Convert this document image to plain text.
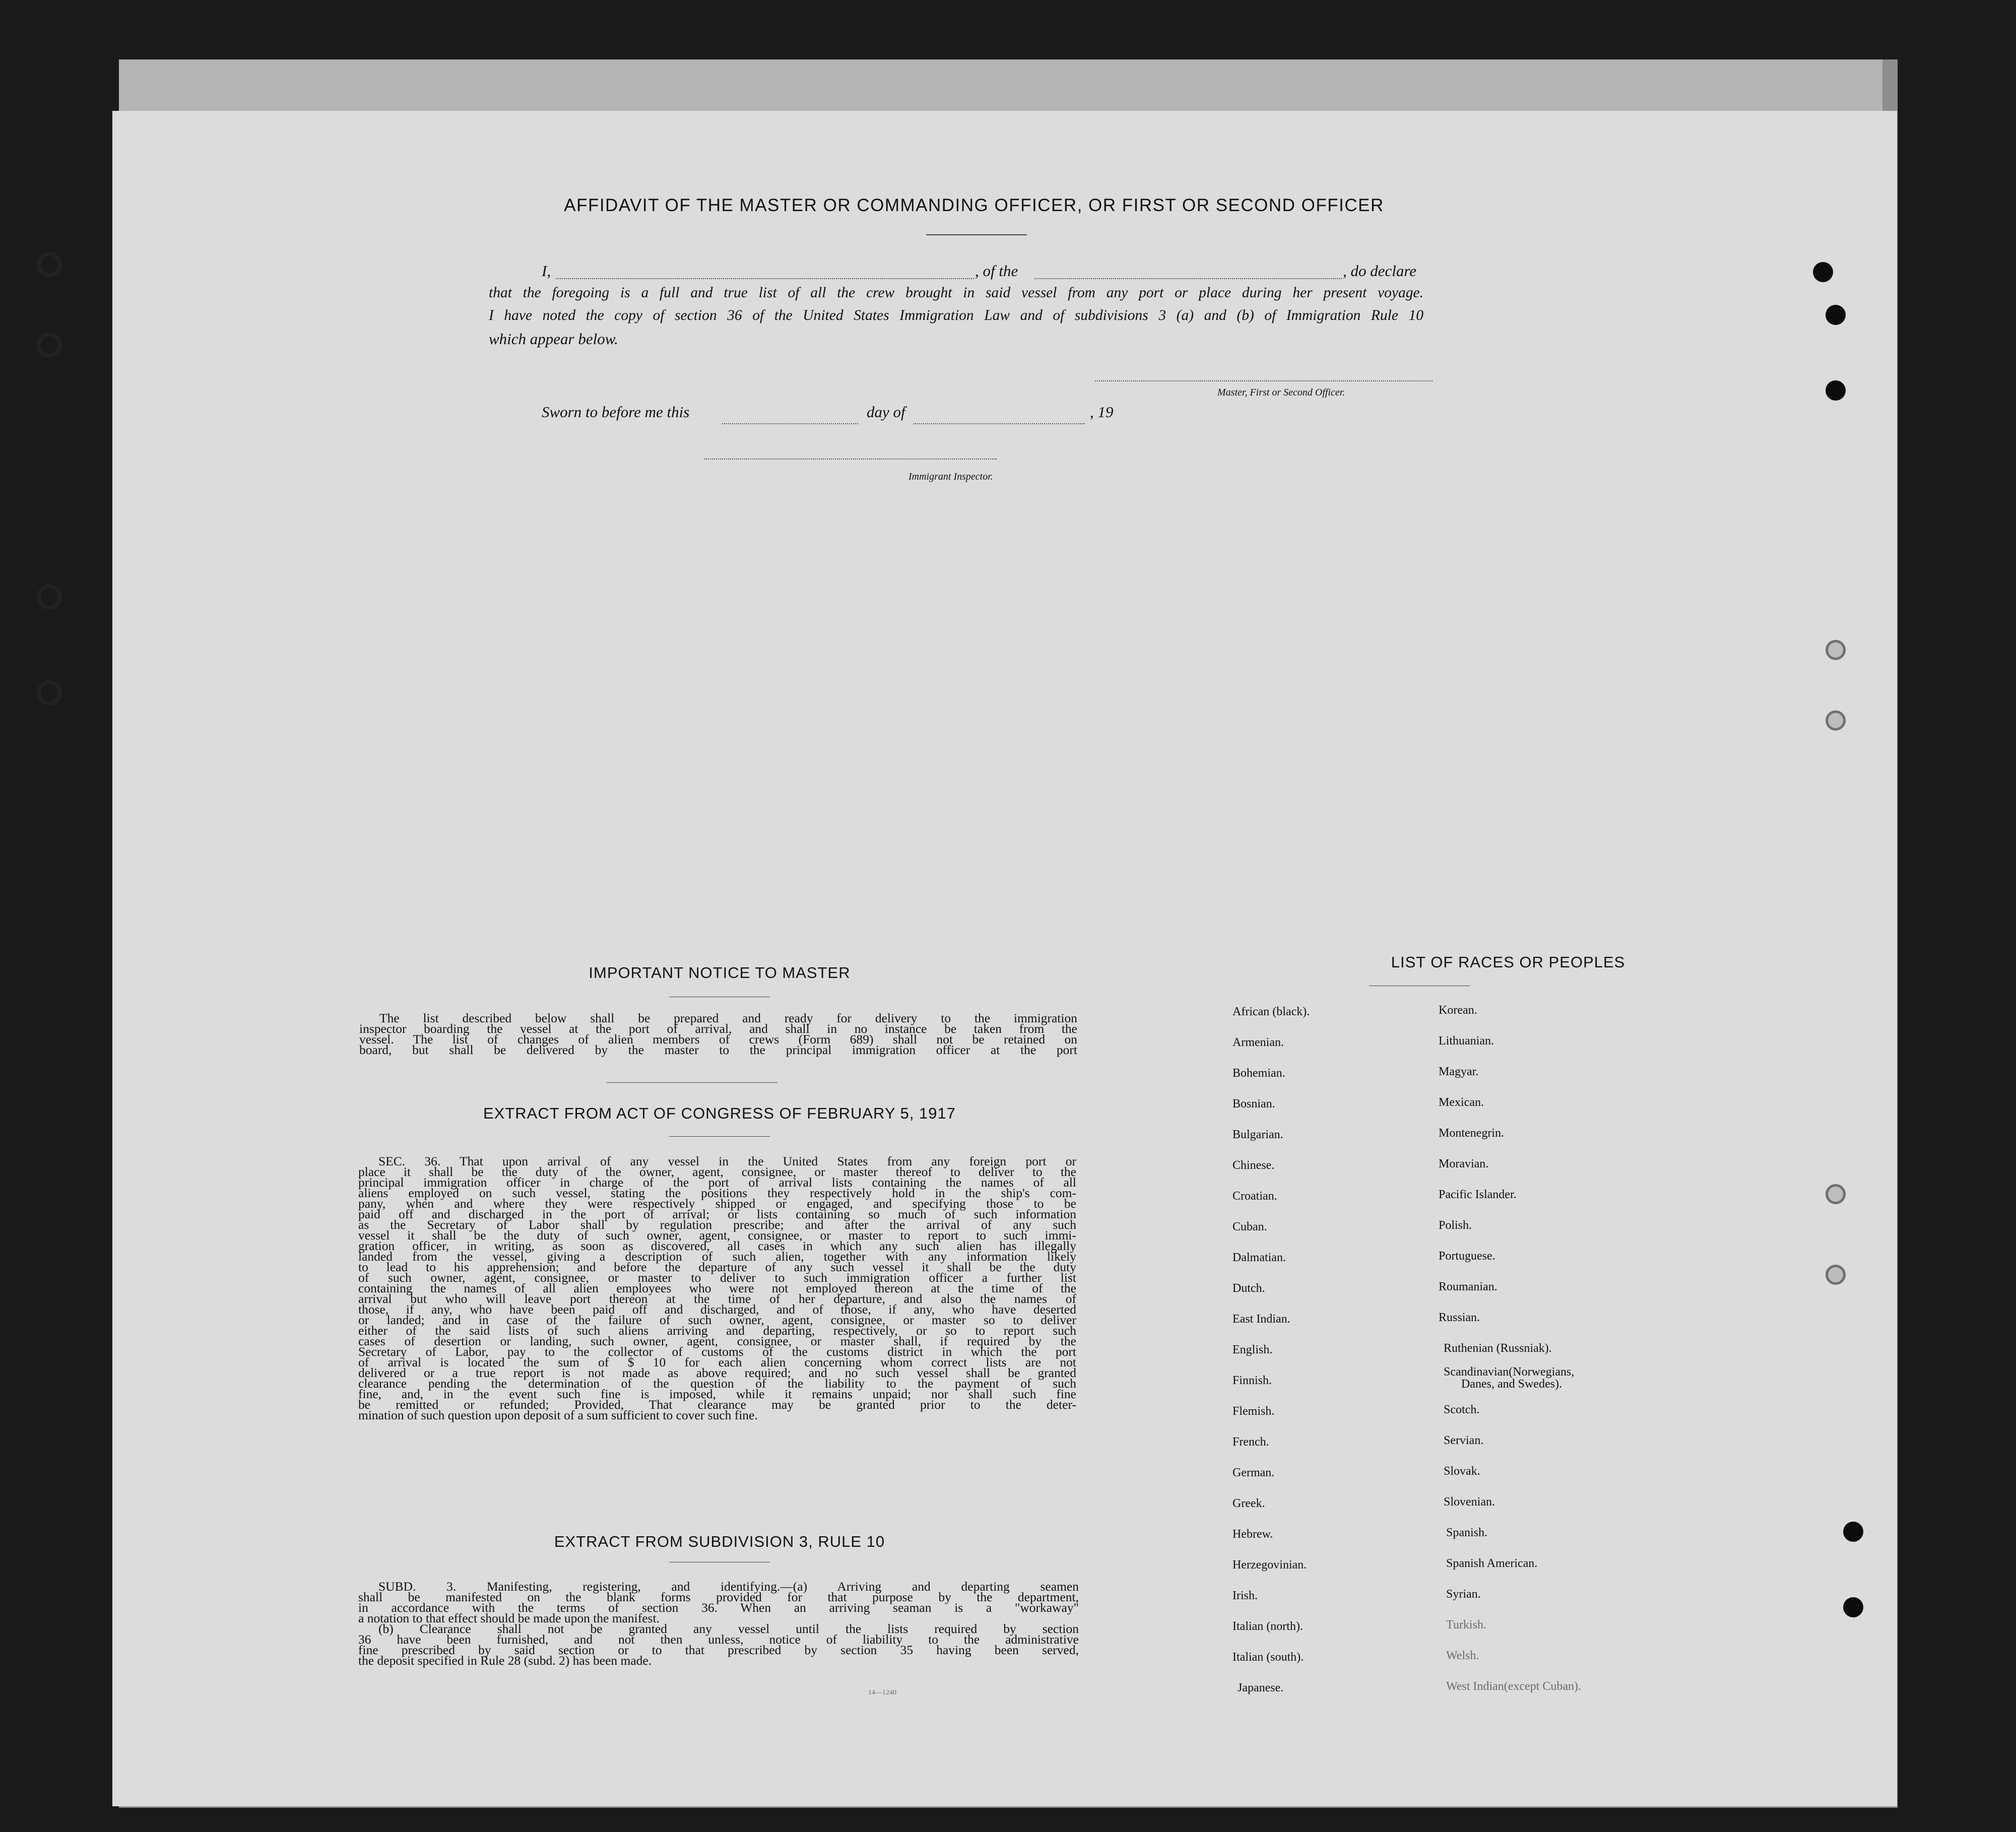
AFFIDAVIT OF THE MASTER OR COMMANDING OFFICER, OR FIRST OR SECOND OFFICER
I,	, of the	, do declare
that the foregoing is a full and true list of all the crew brought in said vessel from any port or place during her present voyage.
I have noted the copy of section 36 of the United States Immigration Law and of subdivisions 3 (a) and (b) of Immigration Rule 10
which appear below.
Master, First or Second Officer.
Sworn to before me this	day of	, 19
Immigrant Inspector.
IMPORTANT NOTICE TO MASTER
The list described below shall be prepared and ready for delivery to the immigration
inspector boarding the vessel at the port of arrival, and shall in no instance be taken from the
vessel. The list of changes of alien members of crews (Form 689) shall not be retained on
board, but shall be delivered by the master to the principal immigration officer at the port
EXTRACT FROM ACT OF CONGRESS OF FEBRUARY 5, 1917
SEC. 36. That upon arrival of any vessel in the United States from any foreign port or
place it shall be the duty of the owner, agent, consignee, or master thereof to deliver to the
principal immigration officer in charge of the port of arrival lists containing the names of all
aliens employed on such vessel, stating the positions they respectively hold in the ship's com-
pany, when and where they were respectively shipped or engaged, and specifying those to be
paid off and discharged in the port of arrival; or lists containing so much of such information
as the Secretary of Labor shall by regulation prescribe; and after the arrival of any such
vessel it shall be the duty of such owner, agent, consignee, or master to report to such immi-
gration officer, in writing, as soon as discovered, all cases in which any such alien has illegally
landed from the vessel, giving a description of such alien, together with any information likely
to lead to his apprehension; and before the departure of any such vessel it shall be the duty
of such owner, agent, consignee, or master to deliver to such immigration officer a further list
containing the names of all alien employees who were not employed thereon at the time of the
arrival but who will leave port thereon at the time of her departure, and also the names of
those, if any, who have been paid off and discharged, and of those, if any, who have deserted
or landed; and in case of the failure of such owner, agent, consignee, or master so to deliver
either of the said lists of such aliens arriving and departing, respectively, or so to report such
cases of desertion or landing, such owner, agent, consignee, or master shall, if required by the
Secretary of Labor, pay to the collector of customs of the customs district in which the port
of arrival is located the sum of $ 10 for each alien concerning whom correct lists are not
delivered or a true report is not made as above required; and no such vessel shall be granted
clearance pending the determination of the question of the liability to the payment of such
fine, and, in the event such fine is imposed, while it remains unpaid; nor shall such fine
be remitted or refunded; Provided, That clearance may be granted prior to the deter-
mination of such question upon deposit of a sum sufficient to cover such fine.
EXTRACT FROM SUBDIVISION 3, RULE 10
SUBD. 3. Manifesting, registering, and identifying.—(a) Arriving and departing seamen
shall be manifested on the blank forms provided for that purpose by the department,
in accordance with the terms of section 36. When an arriving seaman is a "workaway"
a notation to that effect should be made upon the manifest.
(b) Clearance shall not be granted any vessel until the lists required by section
36 have been furnished, and not then unless, notice of liability to the administrative
fine prescribed by said section or to that prescribed by section 35 having been served,
the deposit specified in Rule 28 (subd. 2) has been made.
14—1240
LIST OF RACES OR PEOPLES
African (black).
Armenian.
Bohemian.
Bosnian.
Bulgarian.
Chinese.
Croatian.
Cuban.
Dalmatian.
Dutch.
East Indian.
English.
Finnish.
Flemish.
French.
German.
Greek.
Hebrew.
Herzegovinian.
Irish.
Italian (north).
Italian (south).
Japanese.
Korean.
Lithuanian.
Magyar.
Mexican.
Montenegrin.
Moravian.
Pacific Islander.
Polish.
Portuguese.
Roumanian.
Russian.
Ruthenian (Russniak).
Scandinavian(Norwegians,
Danes, and Swedes).
Scotch.
Servian.
Slovak.
Slovenian.
Spanish.
Spanish American.
Syrian.
Turkish.
Welsh.
West Indian(except Cuban).
